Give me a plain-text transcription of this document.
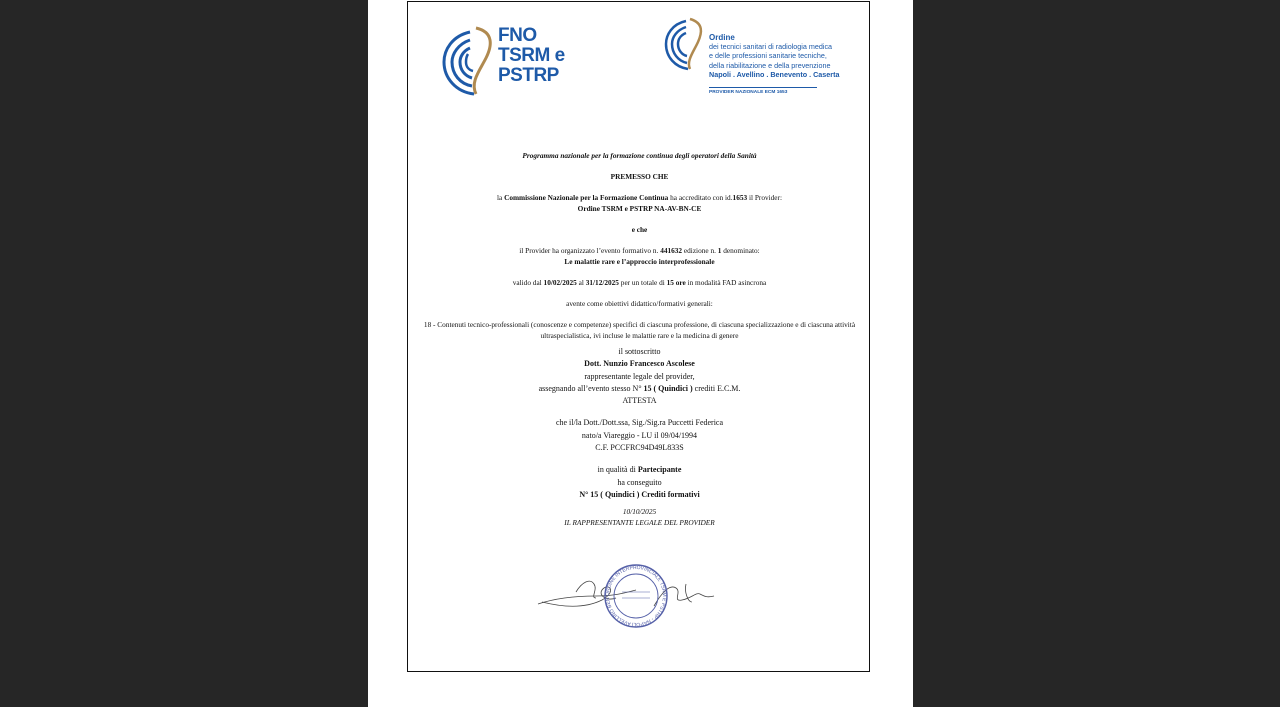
FNO
TSRM e
PSTRP
Ordine
dei tecnici sanitari di radiologia medica
e delle professioni sanitarie tecniche,
della riabilitazione e della prevenzione
Napoli . Avellino . Benevento . Caserta
PROVIDER NAZIONALE ECM 1653

Programma nazionale per la formazione continua degli operatori della Sanità

PREMESSO CHE

la Commissione Nazionale per la Formazione Continua ha accreditato con id.1653 il Provider:

Ordine TSRM e PSTRP NA-AV-BN-CE

e che

il Provider ha organizzato l’evento formativo n. 441632 edizione n. 1 denominato:

Le malattie rare e l’approccio interprofessionale

valido dal 10/02/2025 al 31/12/2025 per un totale di 15 ore in modalità FAD asincrona

avente come obiettivi didattico/formativi generali:

18 - Contenuti tecnico-professionali (conoscenze e competenze) specifici di ciascuna professione, di ciascuna specializzazione e di ciascuna attività

ultraspecialistica, ivi incluse le malattie rare e la medicina di genere

il sottoscritto

Dott. Nunzio Francesco Ascolese

rappresentante legale del provider,

assegnando all’evento stesso N° 15 ( Quindici ) crediti E.C.M.

ATTESTA

che il/la Dott./Dott.ssa, Sig./Sig.ra Puccetti Federica

nato/a Viareggio - LU il 09/04/1994

C.F. PCCFRC94D49L833S

in qualità di Partecipante

ha conseguito

N° 15 ( Quindici ) Crediti formativi

10/10/2025

IL RAPPRESENTANTE LEGALE DEL PROVIDER

ORDINE INTERPROVINCIALE TSRM E PSTRP - NAPOLI AVELLINO BEN
